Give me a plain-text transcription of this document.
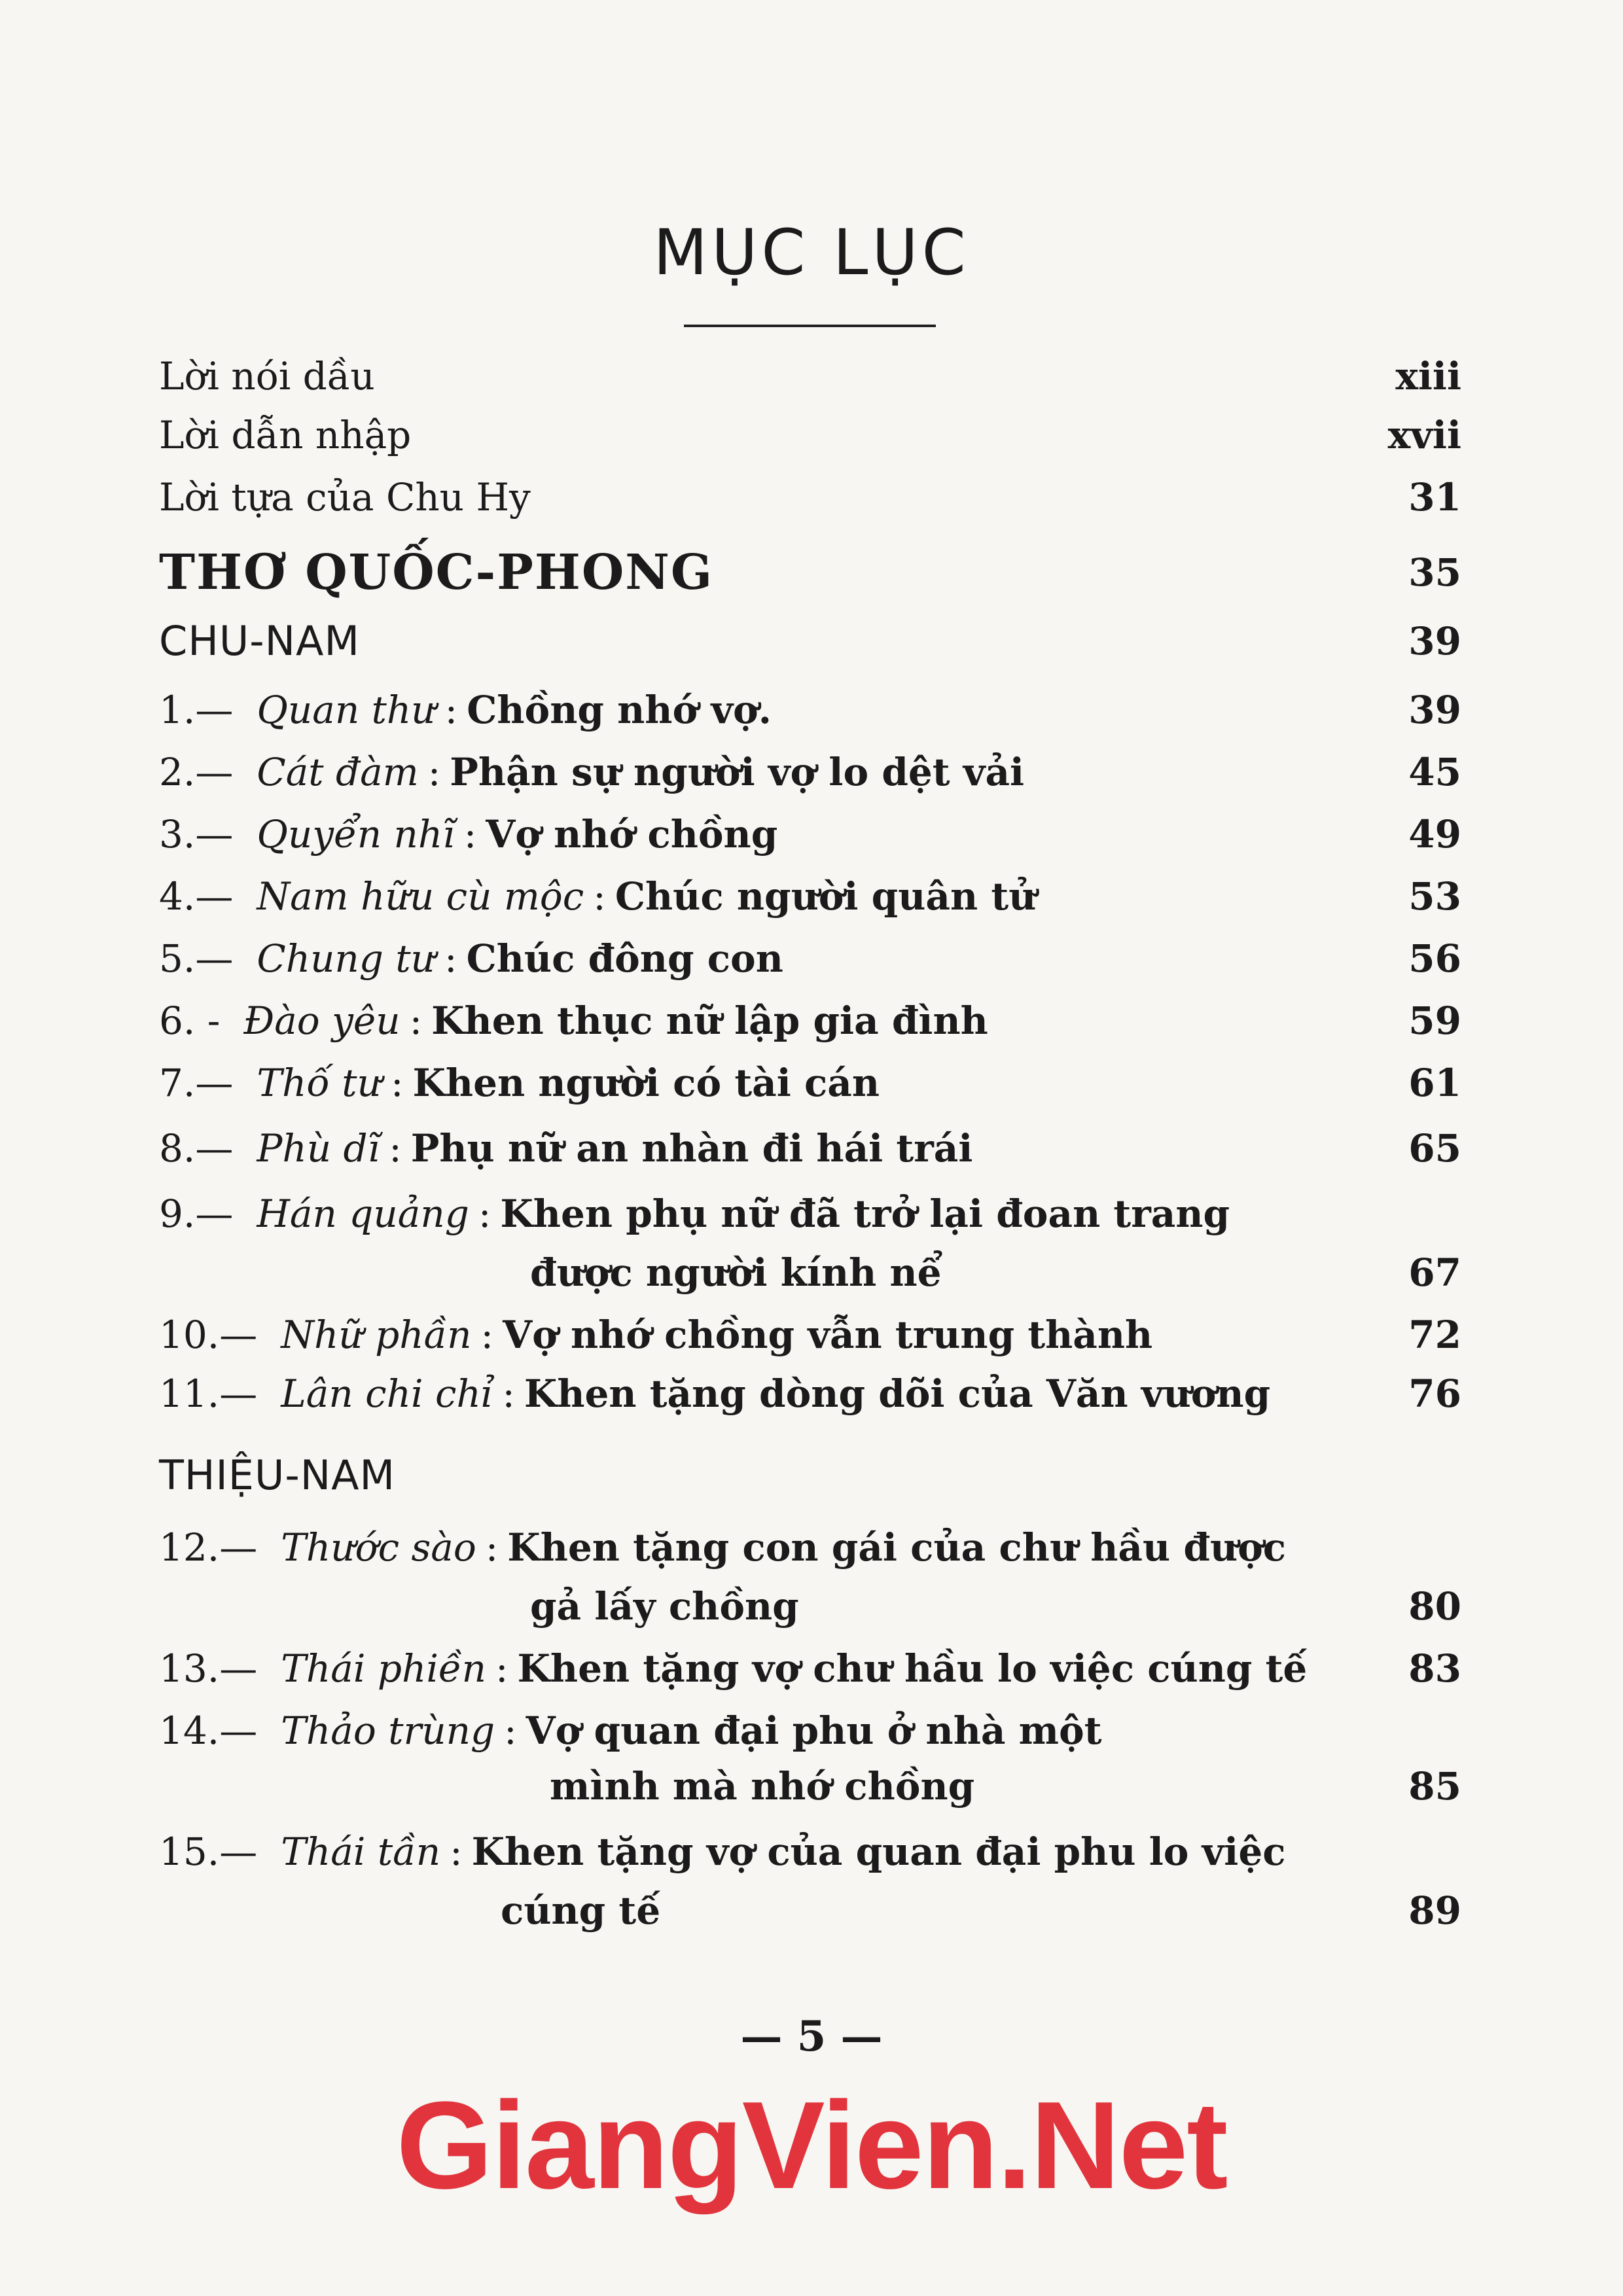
MỤC LỤC
Lời nói dầu	xiii
Lời dẫn nhập	xvii
Lời tựa của Chu Hy	31
THƠ QUỐC-PHONG	35
CHU-NAM	39
1.— Quan thư : Chồng nhớ vợ.	39
2.— Cát đàm : Phận sự người vợ lo dệt vải	45
3.— Quyển nhĩ : Vợ nhớ chồng	49
4.— Nam hữu cù mộc : Chúc người quân tử	53
5.— Chung tư : Chúc đông con	56
6. - Đào yêu : Khen thục nữ lập gia đình	59
7.— Thố tư : Khen người có tài cán	61
8.— Phù dĩ : Phụ nữ an nhàn đi hái trái	65
9.— Hán quảng : Khen phụ nữ đã trở lại đoan trang
được người kính nể	67
10.— Nhữ phần : Vợ nhớ chồng vẫn trung thành	72
11.— Lân chi chỉ : Khen tặng dòng dõi của Văn vương	76
THIỆU-NAM
12.— Thước sào : Khen tặng con gái của chư hầu được
gả lấy chồng	80
13.— Thái phiền : Khen tặng vợ chư hầu lo việc cúng tế	83
14.— Thảo trùng : Vợ quan đại phu ở nhà một
mình mà nhớ chồng	85
15.— Thái tần : Khen tặng vợ của quan đại phu lo việc
cúng tế	89
— 5 —
GiangVien.Net
